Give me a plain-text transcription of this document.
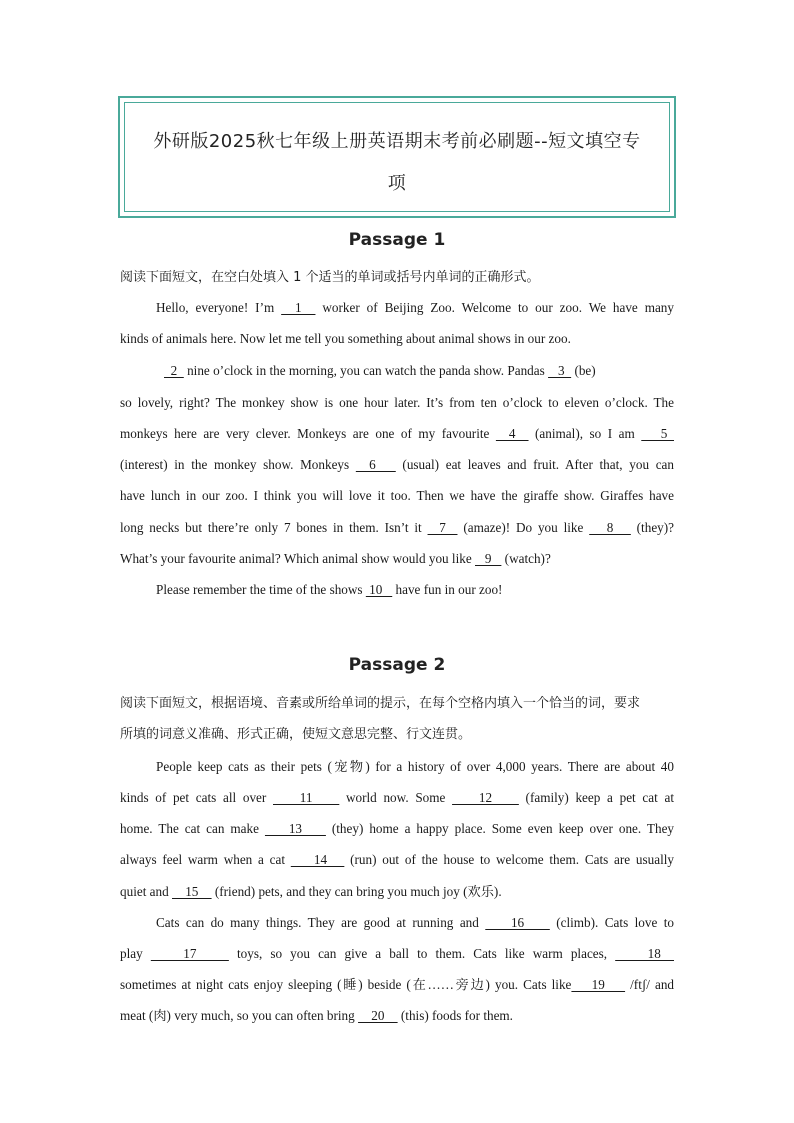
外研版2025秋七年级上册英语期末考前必刷题--短文填空专
项
Passage 1
阅读下面短文，在空白处填入 1 个适当的单词或括号内单词的正确形式。
Hello, everyone! I’m   1   worker of Beijing Zoo. Welcome to our zoo. We have many
kinds of animals here. Now let me tell you something about animal shows in our zoo.
2   nine o’clock in the morning, you can watch the panda show. Pandas    3   (be)
so lovely, right? The monkey show is one hour later. It’s from ten o’clock to eleven o’clock. The
monkeys here are very clever. Monkeys are one of my favourite   4   (animal), so I am    5
(interest) in the monkey show. Monkeys   6    (usual) eat leaves and fruit. After that, you can
have lunch in our zoo. I think you will love it too. Then we have the giraffe show. Giraffes have
long necks but there’re only 7 bones in them. Isn’t it   7   (amaze)! Do you like    8    (they)?
What’s your favourite animal? Which animal show would you like    9    (watch)?
Please remember the time of the shows  10    have fun in our zoo!
Passage 2
阅读下面短文，根据语境、音素或所给单词的提示，在每个空格内填入一个恰当的词，要求
所填的词意义准确、形式正确，使短文意思完整、行文连贯。
People keep cats as their pets (宠物) for a history of over 4,000 years. There are about 40
kinds of pet cats all over     11     world now. Some     12     (family) keep a pet cat at
home. The cat can make     13     (they) home a happy place. Some even keep over one. They
always feel warm when a cat     14    (run) out of the house to welcome them. Cats are usually
quiet and     15     (friend) pets, and they can bring you much joy (欢乐).
Cats can do many things. They are good at running and     16     (climb). Cats love to
play     17     toys, so you can give a ball to them. Cats like warm places,     18
sometimes at night cats enjoy sleeping (睡) beside (在……旁边) you. Cats like    19     /ftʃ/ and
meat (肉) very much, so you can often bring     20     (this) foods for them.
